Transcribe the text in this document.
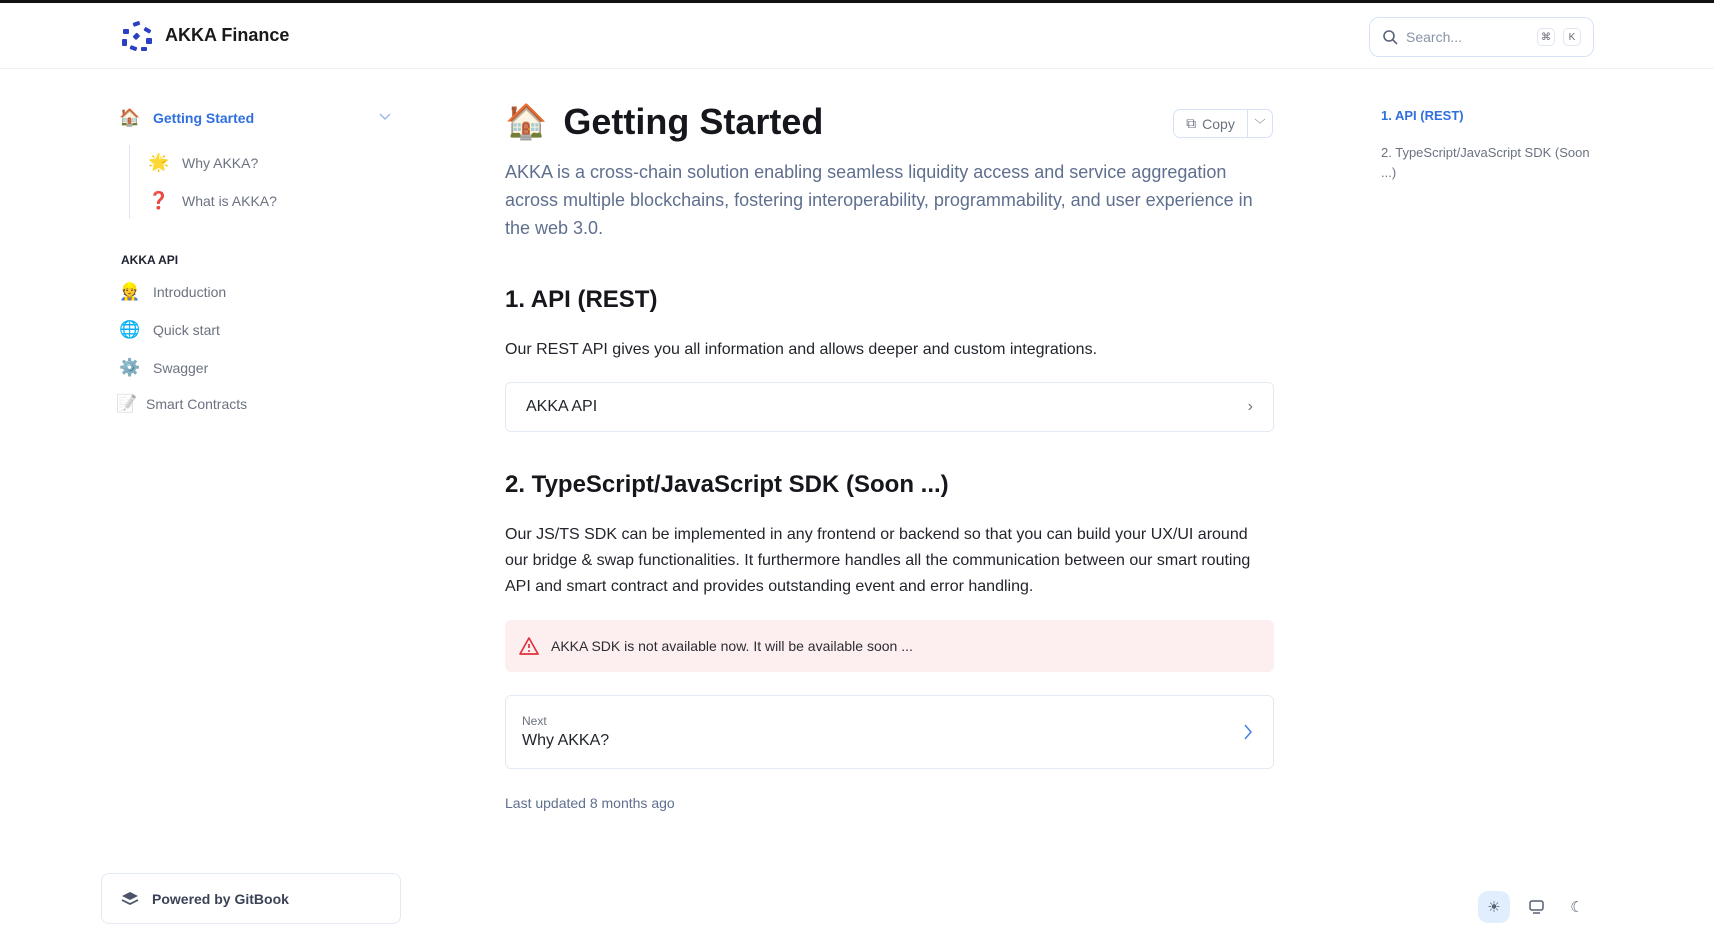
AKKA Finance	Search...	⌘	K
🏠 Getting Started
🌟 Why AKKA?
❓ What is AKKA?
AKKA API
👷 Introduction
🌐 Quick start
⚙️ Swagger
📝 Smart Contracts
Powered by GitBook
🏠 Getting Started	⧉ Copy	﹀
AKKA is a cross-chain solution enabling seamless liquidity access and service aggregation across multiple blockchains, fostering interoperability, programmability, and user experience in the web 3.0.
1. API (REST)
Our REST API gives you all information and allows deeper and custom integrations.
AKKA API	›
2. TypeScript/JavaScript SDK (Soon ...)
Our JS/TS SDK can be implemented in any frontend or backend so that you can build your UX/UI around our bridge & swap functionalities. It furthermore handles all the communication between our smart routing API and smart contract and provides outstanding event and error handling.
AKKA SDK is not available now. It will be available soon ...
Next
Why AKKA?
Last updated 8 months ago
1. API (REST)
2. TypeScript/JavaScript SDK (Soon ...)
☀	☾
